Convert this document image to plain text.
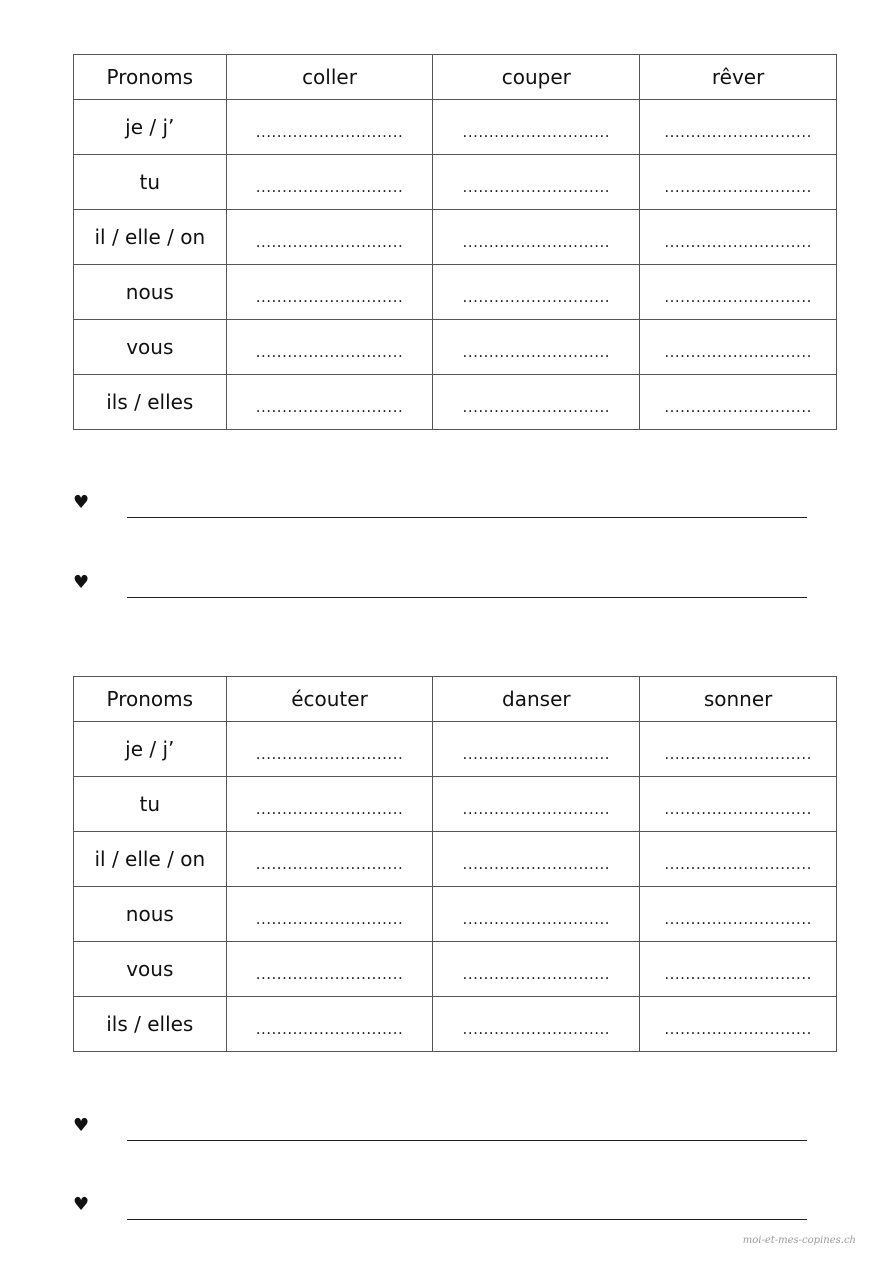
Pronoms	coller	couper	rêver
je / j’	............................	............................	............................
tu	............................	............................	............................
il / elle / on	............................	............................	............................
nous	............................	............................	............................
vous	............................	............................	............................
ils / elles	............................	............................	............................
♥
♥
Pronoms	écouter	danser	sonner
je / j’	............................	............................	............................
tu	............................	............................	............................
il / elle / on	............................	............................	............................
nous	............................	............................	............................
vous	............................	............................	............................
ils / elles	............................	............................	............................
♥
♥
moi-et-mes-copines.ch
